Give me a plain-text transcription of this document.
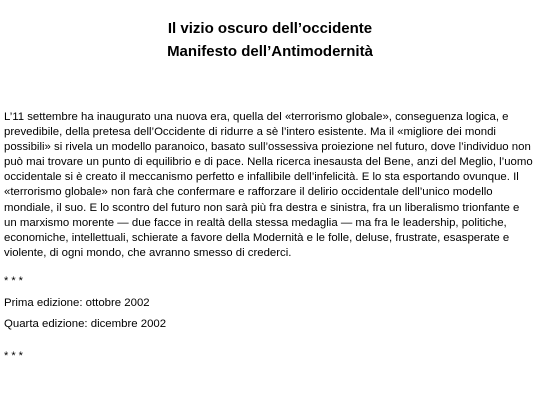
Il vizio oscuro dell’occidente

Manifesto dell’Antimodernità

L’11 settembre ha inaugurato una nuova era, quella del «terrorismo globale», conseguenza logica, e prevedibile, della pretesa dell’Occidente di ridurre a sè l’intero esistente. Ma il «migliore dei mondi possibili» si rivela un modello paranoico, basato sull’ossessiva proiezione nel futuro, dove l’individuo non può mai trovare un punto di equilibrio e di pace. Nella ricerca inesausta del Bene, anzi del Meglio, l’uomo occidentale si è creato il meccanismo perfetto e infallibile dell’infelicità. E lo sta esportando ovunque. Il «terrorismo globale» non farà che confermare e rafforzare il delirio occidentale dell’unico modello mondiale, il suo. E lo scontro del futuro non sarà più fra destra e sinistra, fra un liberalismo trionfante e un marxismo morente — due facce in realtà della stessa medaglia — ma fra le leadership, politiche, economiche, intellettuali, schierate a favore della Modernità e le folle, deluse, frustrate, esasperate e violente, di ogni mondo, che avranno smesso di crederci.

* * *

Prima edizione: ottobre 2002

Quarta edizione: dicembre 2002

* * *
